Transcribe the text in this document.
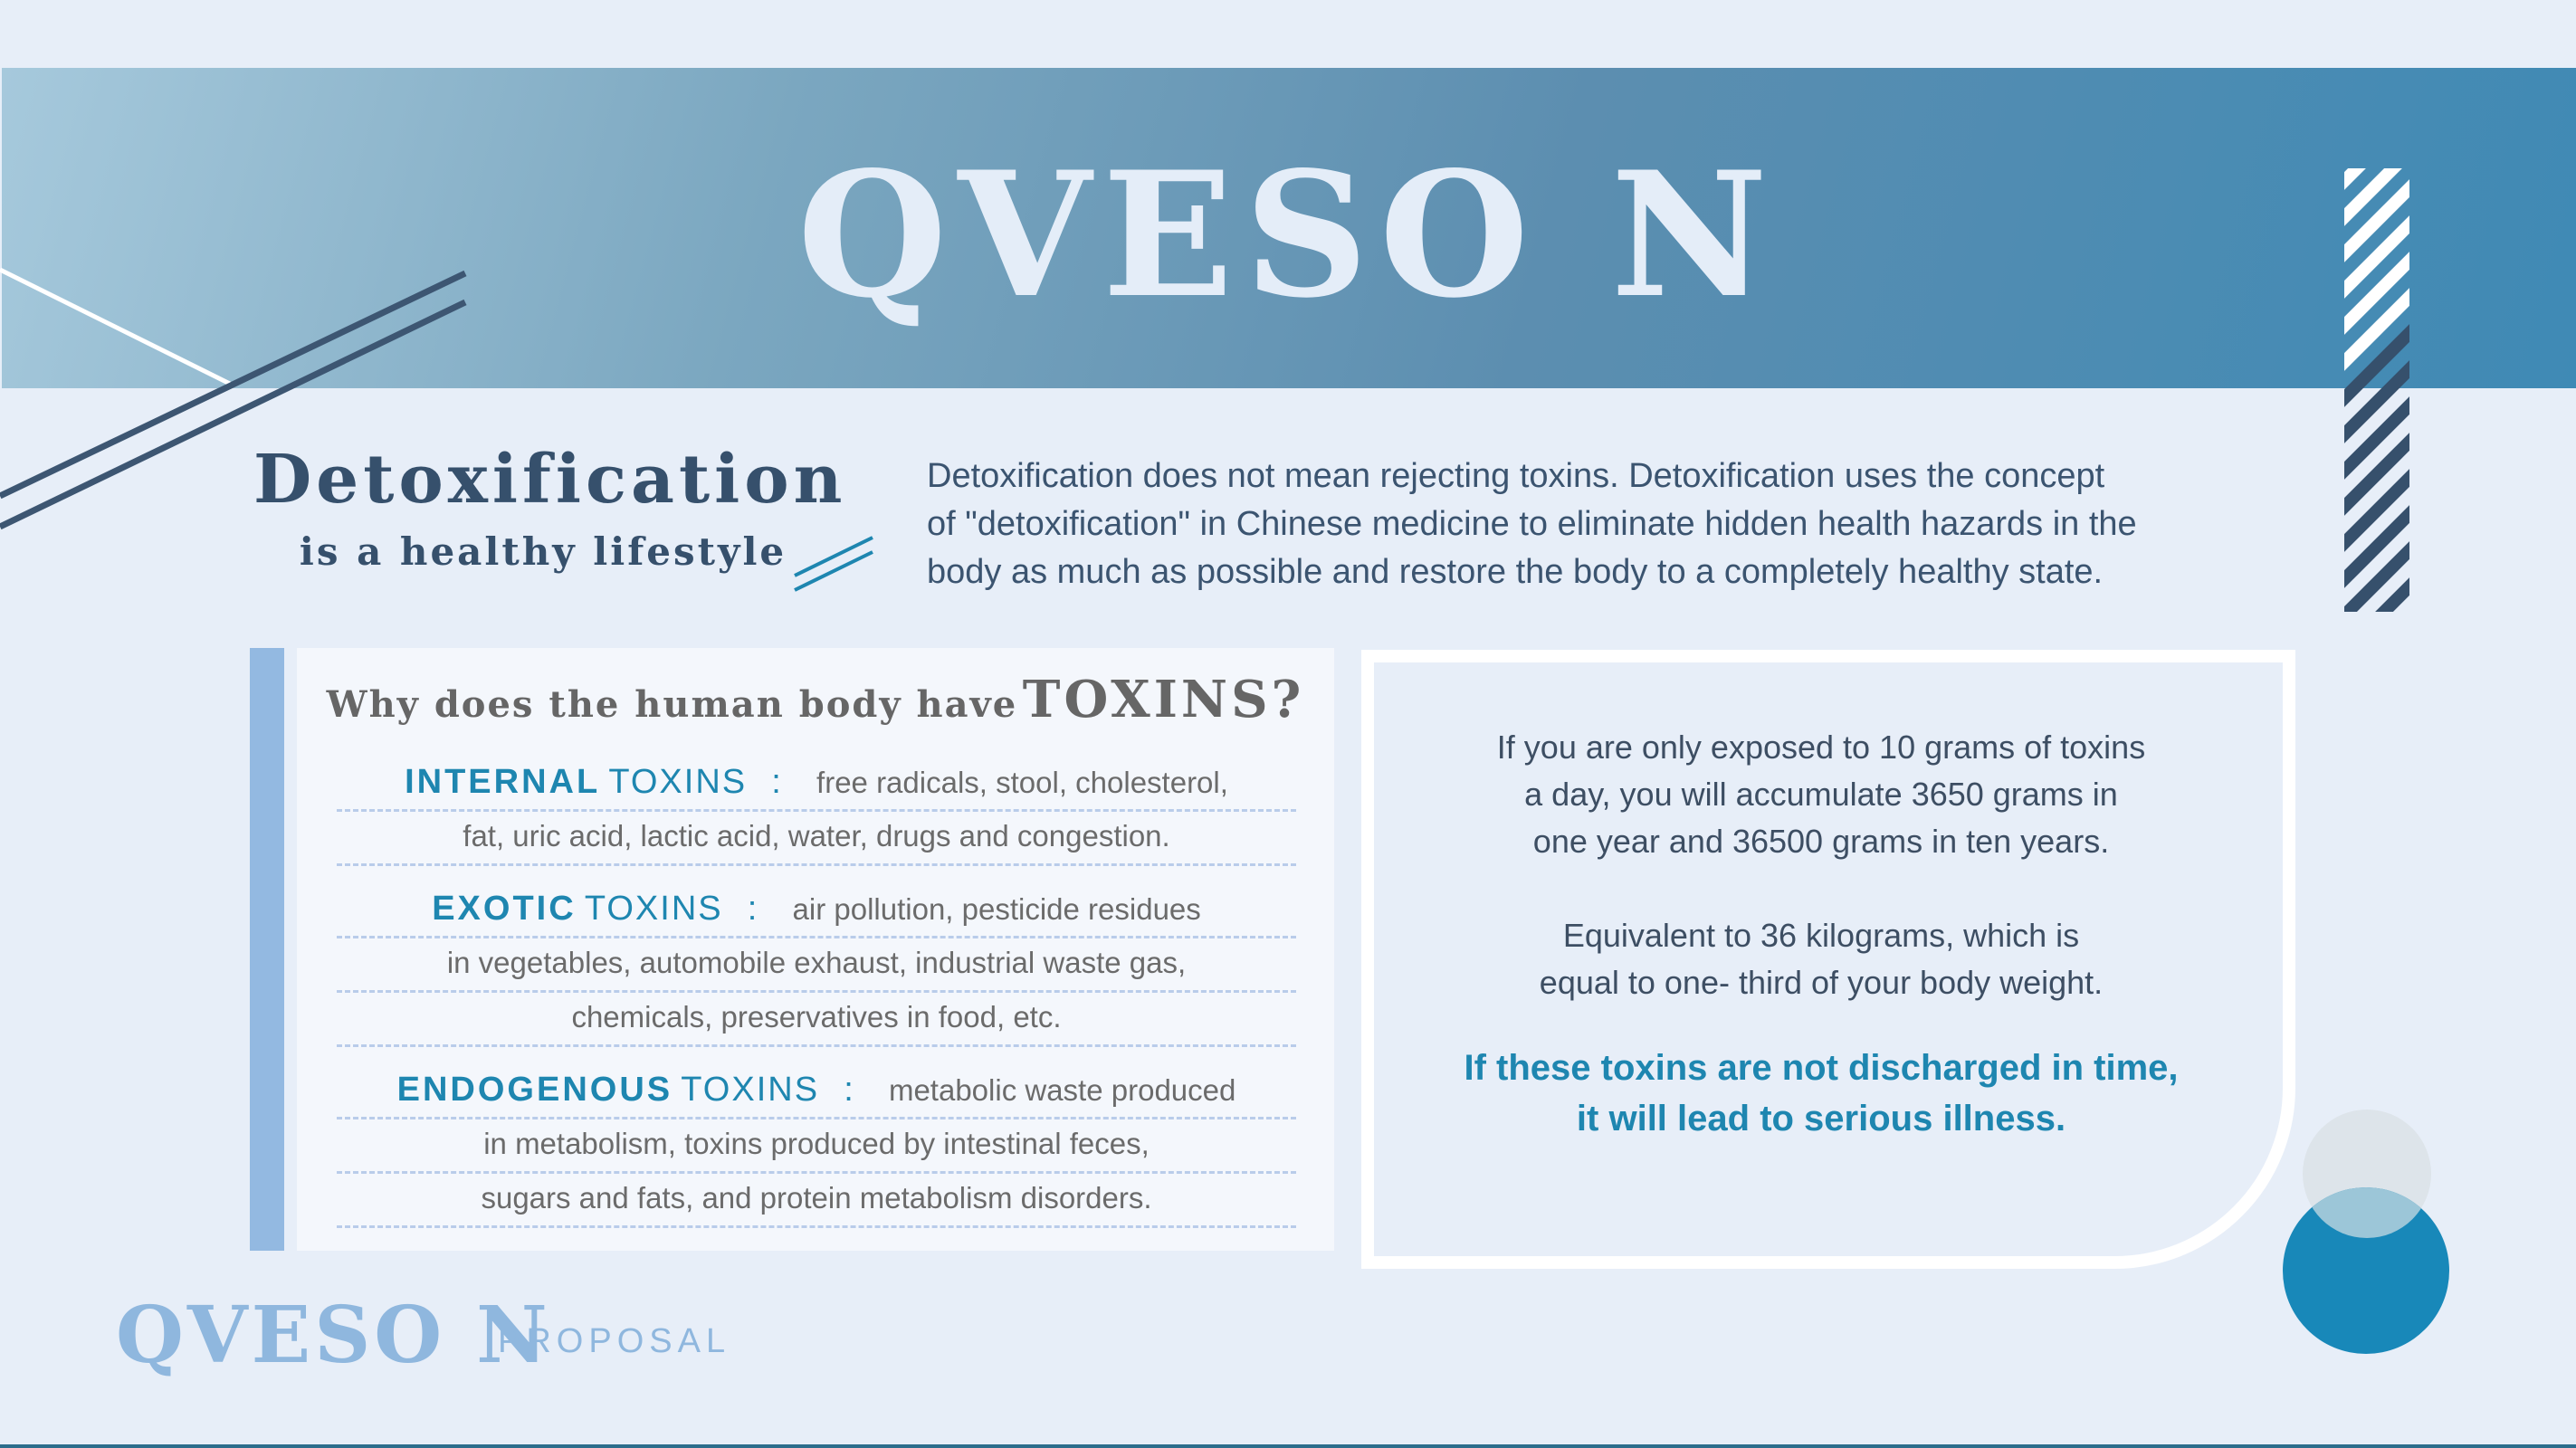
QVESO N
Detoxification
is a healthy lifestyle
Detoxification does not mean rejecting toxins. Detoxification uses the concept
of "detoxification" in Chinese medicine to eliminate hidden health hazards in the
body as much as possible and restore the body to a completely healthy state.
Why does the human body have TOXINS?
INTERNAL TOXINS : free radicals, stool, cholesterol,
fat, uric acid, lactic acid, water, drugs and congestion.
EXOTIC TOXINS : air pollution, pesticide residues
in vegetables, automobile exhaust, industrial waste gas,
chemicals, preservatives in food, etc.
ENDOGENOUS TOXINS : metabolic waste produced
in metabolism, toxins produced by intestinal feces,
sugars and fats, and protein metabolism disorders.
If you are only exposed to 10 grams of toxins
a day, you will accumulate 3650 grams in
one year and 36500 grams in ten years.
Equivalent to 36 kilograms, which is
equal to one- third of your body weight.
If these toxins are not discharged in time,
it will lead to serious illness.
QVESO N
PROPOSAL
